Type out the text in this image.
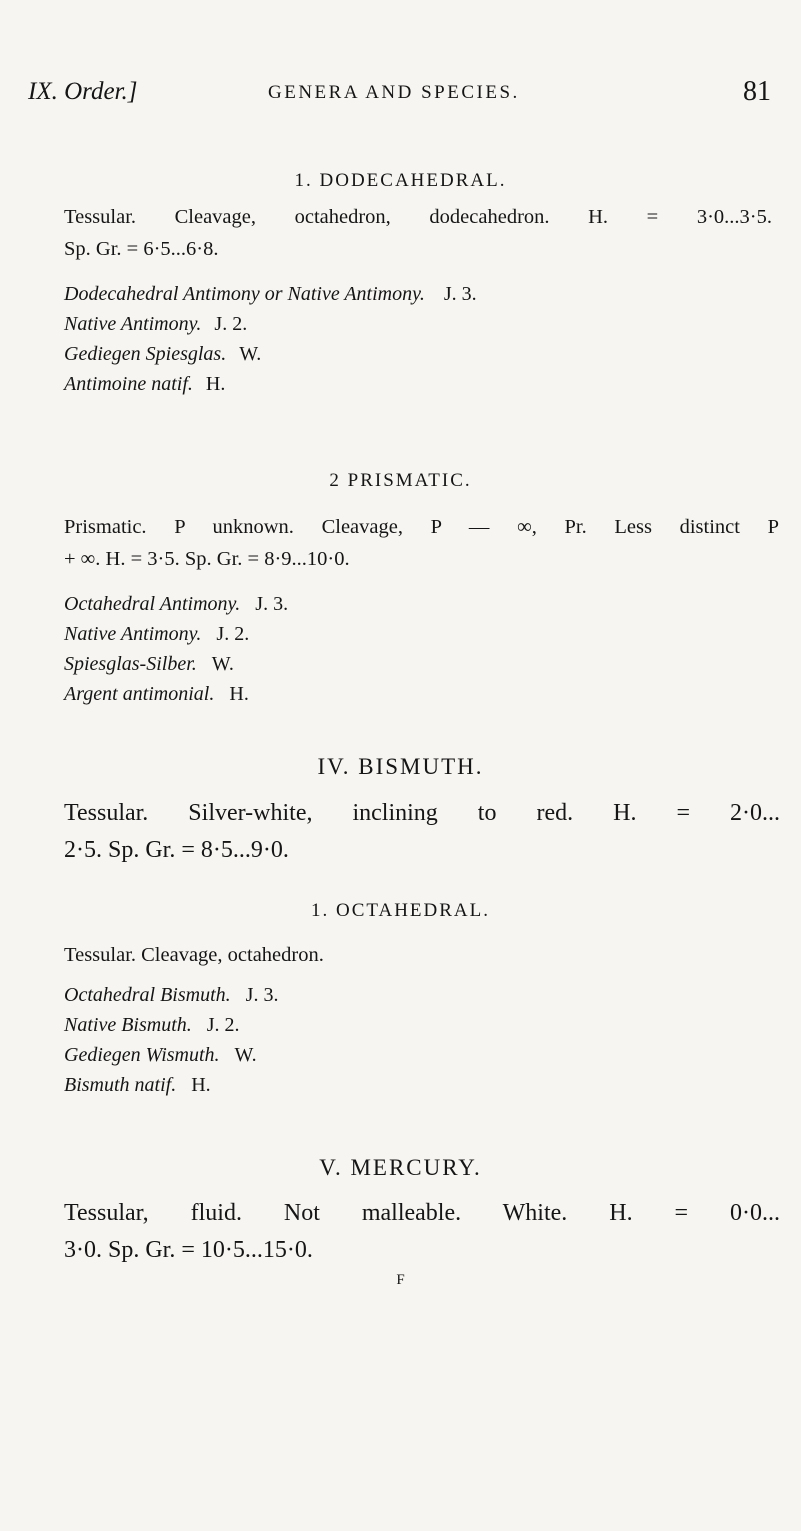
IX. Order.]	GENERA AND SPECIES.	81
1. DODECAHEDRAL.
Tessular. Cleavage, octahedron, dodecahedron. H. = 3·0...3·5.
Sp. Gr. = 6·5...6·8.
Dodecahedral Antimony or Native Antimony. J. 3.
Native Antimony. J. 2.
Gediegen Spiesglas. W.
Antimoine natif. H.
2 PRISMATIC.
Prismatic. P unknown. Cleavage, P — ∞, Pr. Less distinct P
+ ∞. H. = 3·5. Sp. Gr. = 8·9...10·0.
Octahedral Antimony. J. 3.
Native Antimony. J. 2.
Spiesglas-Silber. W.
Argent antimonial. H.
IV. BISMUTH.
Tessular. Silver-white, inclining to red. H. = 2·0...
2·5. Sp. Gr. = 8·5...9·0.
1. OCTAHEDRAL.
Tessular. Cleavage, octahedron.
Octahedral Bismuth. J. 3.
Native Bismuth. J. 2.
Gediegen Wismuth. W.
Bismuth natif. H.
V. MERCURY.
Tessular, fluid. Not malleable. White. H. = 0·0...
3·0. Sp. Gr. = 10·5...15·0.
F
